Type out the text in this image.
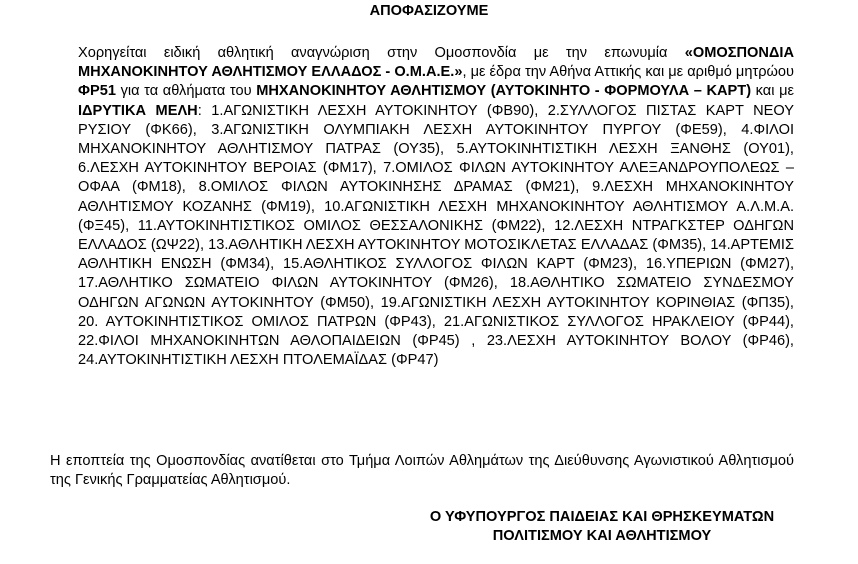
ΑΠΟΦΑΣΙΖΟΥΜΕ

Χορηγείται ειδική αθλητική αναγνώριση στην Ομοσπονδία με την επωνυμία «ΟΜΟΣΠΟΝΔΙΑ ΜΗΧΑΝΟΚΙΝΗΤΟΥ ΑΘΛΗΤΙΣΜΟΥ ΕΛΛΑΔΟΣ - Ο.Μ.Α.Ε.», με έδρα την Αθήνα Αττικής και με αριθμό μητρώου ΦΡ51 για τα αθλήματα του ΜΗΧΑΝΟΚΙΝΗΤΟΥ ΑΘΛΗΤΙΣΜΟΥ (ΑΥΤΟΚΙΝΗΤΟ - ΦΟΡΜΟΥΛΑ – ΚΑΡΤ) και με ΙΔΡΥΤΙΚΑ ΜΕΛΗ: 1.ΑΓΩΝΙΣΤΙΚΗ ΛΕΣΧΗ ΑΥΤΟΚΙΝΗΤΟΥ (ΦΒ90), 2.ΣΥΛΛΟΓΟΣ ΠΙΣΤΑΣ ΚΑΡΤ ΝΕΟΥ ΡΥΣΙΟΥ (ΦΚ66), 3.ΑΓΩΝΙΣΤΙΚΗ ΟΛΥΜΠΙΑΚΗ ΛΕΣΧΗ ΑΥΤΟΚΙΝΗΤΟΥ ΠΥΡΓΟΥ (ΦΕ59), 4.ΦΙΛΟΙ ΜΗΧΑΝΟΚΙΝΗΤΟΥ ΑΘΛΗΤΙΣΜΟΥ ΠΑΤΡΑΣ (ΟΥ35), 5.ΑΥΤΟΚΙΝΗΤΙΣΤΙΚΗ ΛΕΣΧΗ ΞΑΝΘΗΣ (ΟΥ01), 6.ΛΕΣΧΗ ΑΥΤΟΚΙΝΗΤΟΥ ΒΕΡΟΙΑΣ (ΦΜ17), 7.ΟΜΙΛΟΣ ΦΙΛΩΝ ΑΥΤΟΚΙΝΗΤΟΥ ΑΛΕΞΑΝΔΡΟΥΠΟΛΕΩΣ – ΟΦΑΑ (ΦΜ18), 8.ΟΜΙΛΟΣ ΦΙΛΩΝ ΑΥΤΟΚΙΝΗΣΗΣ ΔΡΑΜΑΣ (ΦΜ21), 9.ΛΕΣΧΗ ΜΗΧΑΝΟΚΙΝΗΤΟΥ ΑΘΛΗΤΙΣΜΟΥ ΚΟΖΑΝΗΣ (ΦΜ19), 10.ΑΓΩΝΙΣΤΙΚΗ ΛΕΣΧΗ ΜΗΧΑΝΟΚΙΝΗΤΟΥ ΑΘΛΗΤΙΣΜΟΥ Α.Λ.Μ.Α. (ΦΞ45), 11.ΑΥΤΟΚΙΝΗΤΙΣΤΙΚΟΣ ΟΜΙΛΟΣ ΘΕΣΣΑΛΟΝΙΚΗΣ (ΦΜ22), 12.ΛΕΣΧΗ ΝΤΡΑΓΚΣΤΕΡ ΟΔΗΓΩΝ ΕΛΛΑΔΟΣ (ΩΨ22), 13.ΑΘΛΗΤΙΚΗ ΛΕΣΧΗ ΑΥΤΟΚΙΝΗΤΟΥ ΜΟΤΟΣΙΚΛΕΤΑΣ ΕΛΛΑΔΑΣ (ΦΜ35), 14.ΑΡΤΕΜΙΣ ΑΘΛΗΤΙΚΗ ΕΝΩΣΗ (ΦΜ34), 15.ΑΘΛΗΤΙΚΟΣ ΣΥΛΛΟΓΟΣ ΦΙΛΩΝ ΚΑΡΤ (ΦΜ23), 16.ΥΠΕΡΙΩΝ (ΦΜ27), 17.ΑΘΛΗΤΙΚΟ ΣΩΜΑΤΕΙΟ ΦΙΛΩΝ ΑΥΤΟΚΙΝΗΤΟΥ (ΦΜ26), 18.ΑΘΛΗΤΙΚΟ ΣΩΜΑΤΕΙΟ ΣΥΝΔΕΣΜΟΥ ΟΔΗΓΩΝ ΑΓΩΝΩΝ ΑΥΤΟΚΙΝΗΤΟΥ (ΦΜ50), 19.ΑΓΩΝΙΣΤΙΚΗ ΛΕΣΧΗ ΑΥΤΟΚΙΝΗΤΟΥ ΚΟΡΙΝΘΙΑΣ (ΦΠ35), 20. ΑΥΤΟΚΙΝΗΤΙΣΤΙΚΟΣ ΟΜΙΛΟΣ ΠΑΤΡΩΝ (ΦΡ43), 21.ΑΓΩΝΙΣΤΙΚΟΣ ΣΥΛΛΟΓΟΣ ΗΡΑΚΛΕΙΟΥ (ΦΡ44), 22.ΦΙΛΟΙ ΜΗΧΑΝΟΚΙΝΗΤΩΝ ΑΘΛΟΠΑΙΔΕΙΩΝ (ΦΡ45) , 23.ΛΕΣΧΗ ΑΥΤΟΚΙΝΗΤΟΥ ΒΟΛΟΥ (ΦΡ46), 24.ΑΥΤΟΚΙΝΗΤΙΣΤΙΚΗ ΛΕΣΧΗ ΠΤΟΛΕΜΑΪΔΑΣ (ΦΡ47)

Η εποπτεία της Ομοσπονδίας ανατίθεται στο Τμήμα Λοιπών Αθλημάτων της Διεύθυνσης Αγωνιστικού Αθλητισμού της Γενικής Γραμματείας Αθλητισμού.

Ο ΥΦΥΠΟΥΡΓΟΣ ΠΑΙΔΕΙΑΣ ΚΑΙ ΘΡΗΣΚΕΥΜΑΤΩΝ
ΠΟΛΙΤΙΣΜΟΥ ΚΑΙ ΑΘΛΗΤΙΣΜΟΥ
